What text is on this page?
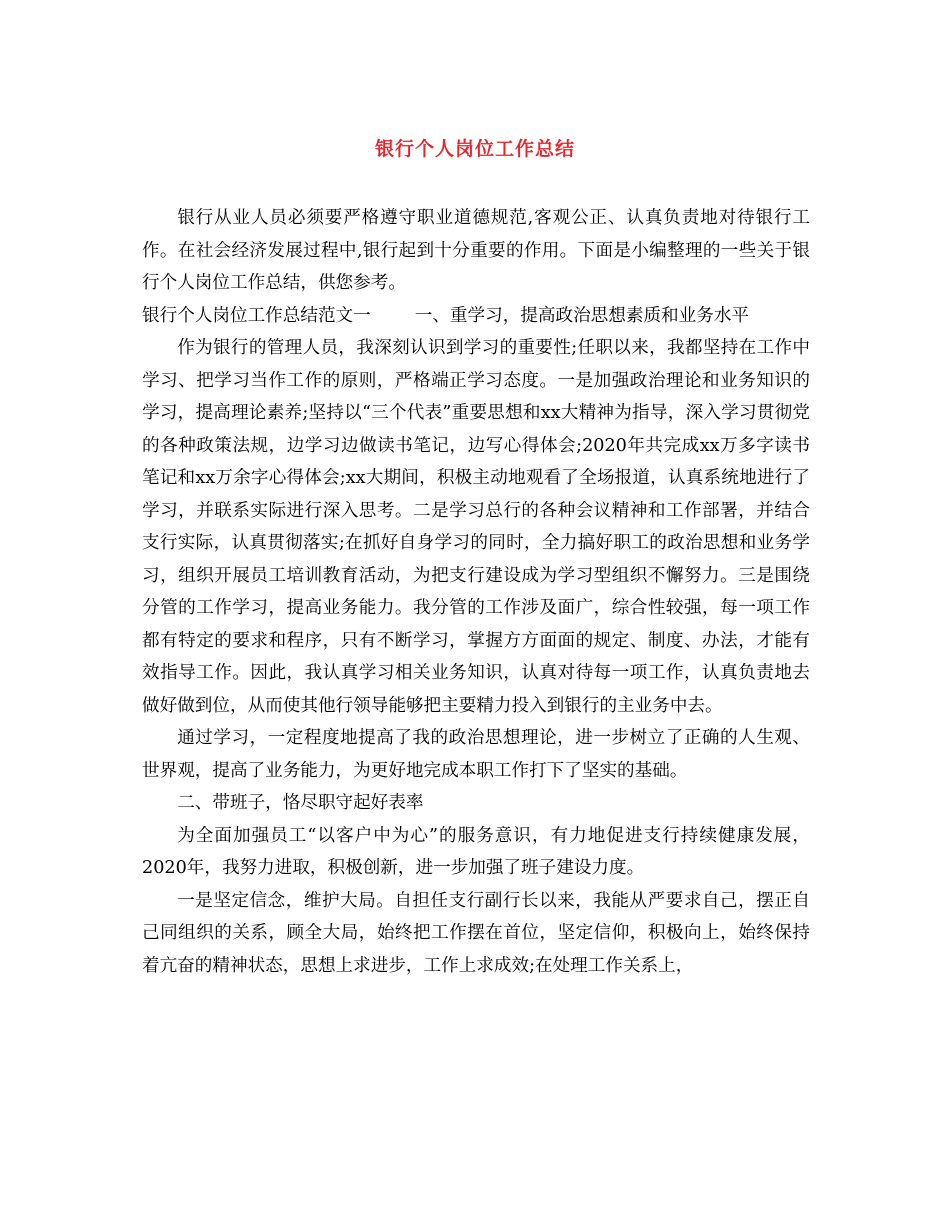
银行个人岗位工作总结

银行从业人员必须要严格遵守职业道德规范,客观公正、认真负责地对待银行工作。在社会经济发展过程中,银行起到十分重要的作用。下面是小编整理的一些关于银行个人岗位工作总结，供您参考。

银行个人岗位工作总结范文一	一、重学习，提高政治思想素质和业务水平

作为银行的管理人员，我深刻认识到学习的重要性;任职以来，我都坚持在工作中学习、把学习当作工作的原则，严格端正学习态度。一是加强政治理论和业务知识的学习，提高理论素养;坚持以“三个代表”重要思想和xx大精神为指导，深入学习贯彻党的各种政策法规，边学习边做读书笔记，边写心得体会;2020年共完成xx万多字读书笔记和xx万余字心得体会;xx大期间，积极主动地观看了全场报道，认真系统地进行了学习，并联系实际进行深入思考。二是学习总行的各种会议精神和工作部署，并结合支行实际，认真贯彻落实;在抓好自身学习的同时，全力搞好职工的政治思想和业务学习，组织开展员工培训教育活动，为把支行建设成为学习型组织不懈努力。三是围绕分管的工作学习，提高业务能力。我分管的工作涉及面广，综合性较强，每一项工作都有特定的要求和程序，只有不断学习，掌握方方面面的规定、制度、办法，才能有效指导工作。因此，我认真学习相关业务知识，认真对待每一项工作，认真负责地去做好做到位，从而使其他行领导能够把主要精力投入到银行的主业务中去。

通过学习，一定程度地提高了我的政治思想理论，进一步树立了正确的人生观、世界观，提高了业务能力，为更好地完成本职工作打下了坚实的基础。

二、带班子，恪尽职守起好表率

为全面加强员工“以客户中为心”的服务意识，有力地促进支行持续健康发展，2020年，我努力进取，积极创新，进一步加强了班子建设力度。

一是坚定信念，维护大局。自担任支行副行长以来，我能从严要求自己，摆正自己同组织的关系，顾全大局，始终把工作摆在首位，坚定信仰，积极向上，始终保持着亢奋的精神状态，思想上求进步，工作上求成效;在处理工作关系上，
